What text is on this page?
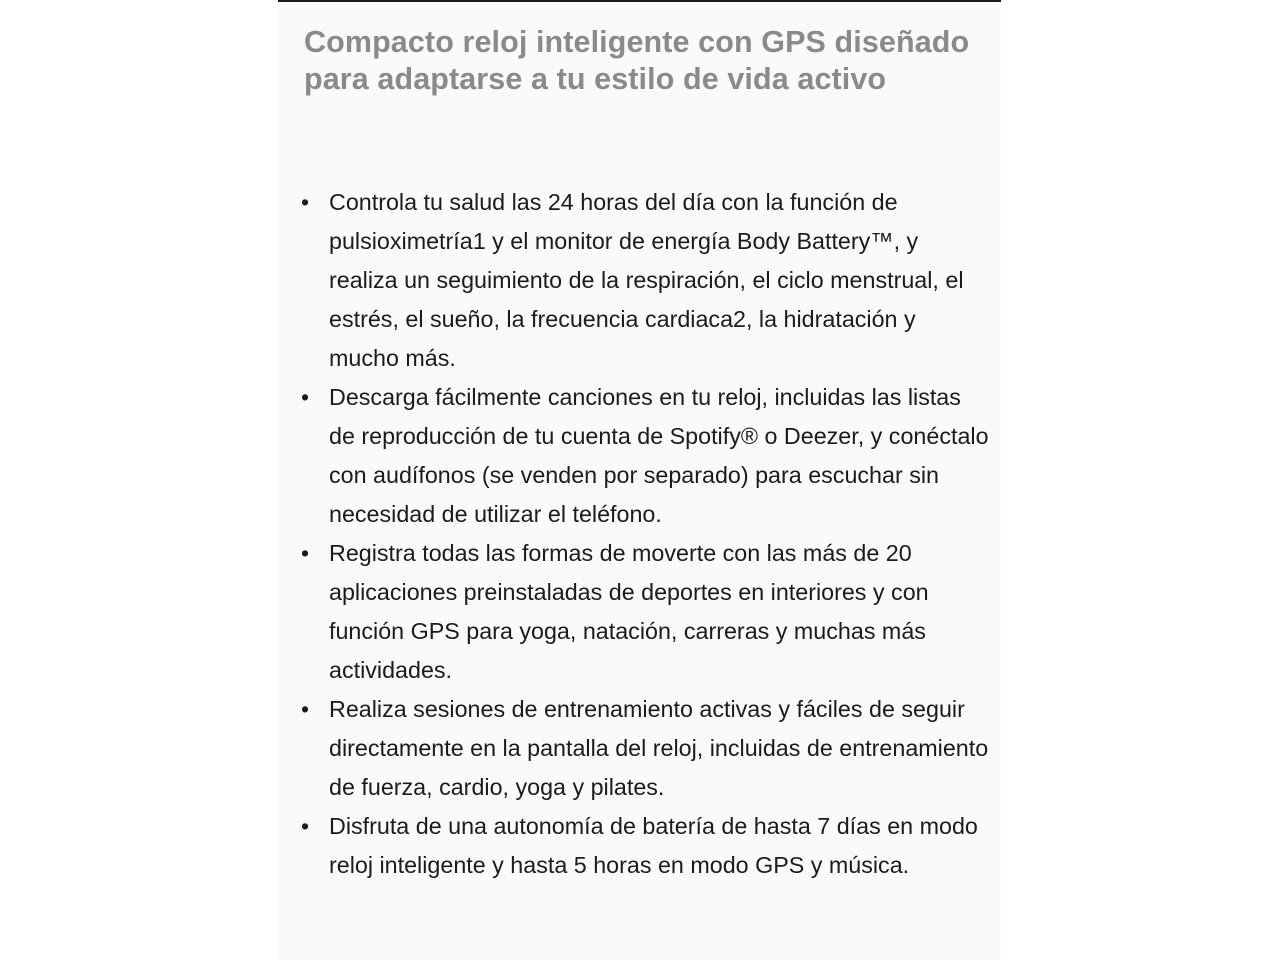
Compacto reloj inteligente con GPS diseñado para adaptarse a tu estilo de vida activo
• Controla tu salud las 24 horas del día con la función de pulsioximetría1 y el monitor de energía Body Battery™, y realiza un seguimiento de la respiración, el ciclo menstrual, el estrés, el sueño, la frecuencia cardiaca2, la hidratación y mucho más.
• Descarga fácilmente canciones en tu reloj, incluidas las listas de reproducción de tu cuenta de Spotify® o Deezer, y conéctalo con audífonos (se venden por separado) para escuchar sin necesidad de utilizar el teléfono.
• Registra todas las formas de moverte con las más de 20 aplicaciones preinstaladas de deportes en interiores y con función GPS para yoga, natación, carreras y muchas más actividades.
• Realiza sesiones de entrenamiento activas y fáciles de seguir directamente en la pantalla del reloj, incluidas de entrenamiento de fuerza, cardio, yoga y pilates.
• Disfruta de una autonomía de batería de hasta 7 días en modo reloj inteligente y hasta 5 horas en modo GPS y música.
